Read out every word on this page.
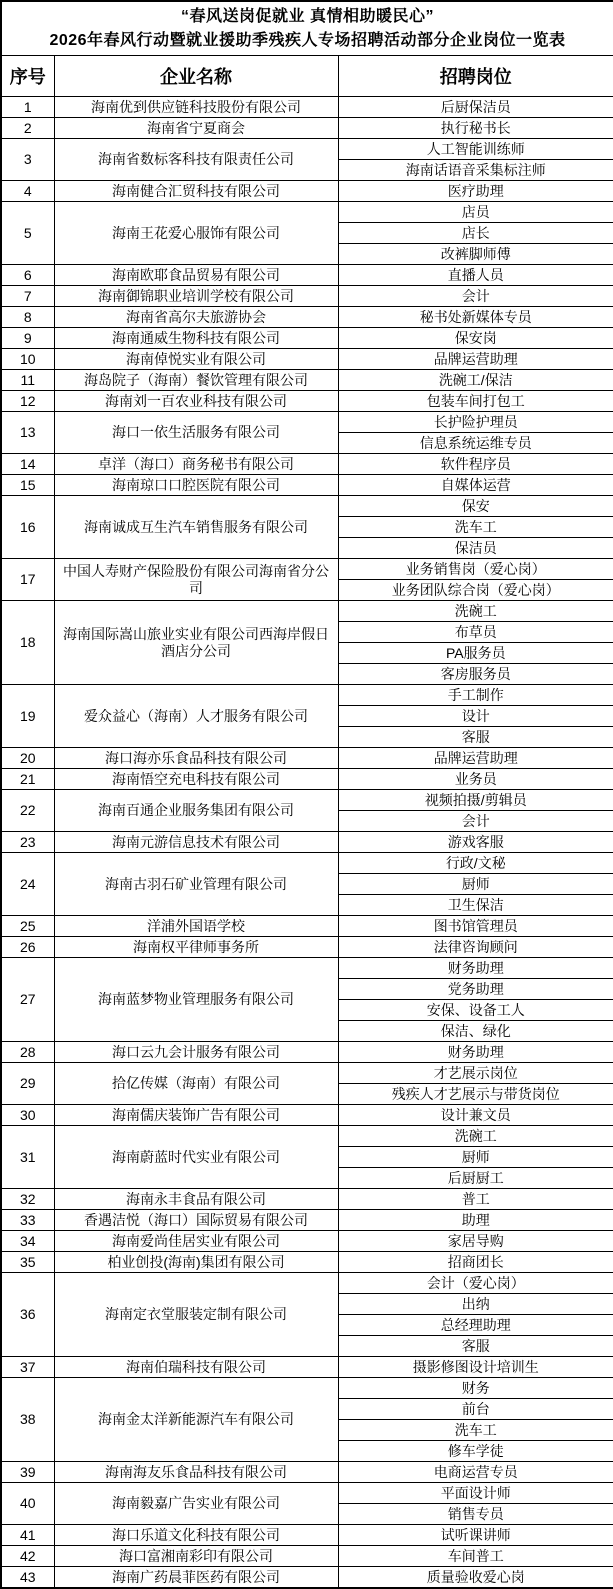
“春风送岗促就业 真情相助暖民心”
2026年春风行动暨就业援助季残疾人专场招聘活动部分企业岗位一览表		

序号	企业名称	招聘岗位
1	海南优到供应链科技股份有限公司	后厨保洁员
2	海南省宁夏商会	执行秘书长
3	海南省数标客科技有限责任公司	人工智能训练师
		海南话语音采集标注师
4	海南健合汇贸科技有限公司	医疗助理
5	海南王花爱心服饰有限公司	店员
		店长
		改裤脚师傅
6	海南欧耶食品贸易有限公司	直播人员
7	海南御锦职业培训学校有限公司	会计
8	海南省高尔夫旅游协会	秘书处新媒体专员
9	海南通威生物科技有限公司	保安岗
10	海南倬悦实业有限公司	品牌运营助理
11	海岛院子（海南）餐饮管理有限公司	洗碗工/保洁
12	海南刘一百农业科技有限公司	包装车间打包工
13	海口一依生活服务有限公司	长护险护理员
		信息系统运维专员
14	卓洋（海口）商务秘书有限公司	软件程序员
15	海南琼口口腔医院有限公司	自媒体运营
16	海南诚成互生汽车销售服务有限公司	保安
		洗车工
		保洁员
17	中国人寿财产保险股份有限公司海南省分公司	业务销售岗（爱心岗）
		业务团队综合岗（爱心岗）
18	海南国际嵩山旅业实业有限公司西海岸假日酒店分公司	洗碗工
		布草员
		PA服务员
		客房服务员
19	爱众益心（海南）人才服务有限公司	手工制作
		设计
		客服
20	海口海亦乐食品科技有限公司	品牌运营助理
21	海南悟空充电科技有限公司	业务员
22	海南百通企业服务集团有限公司	视频拍摄/剪辑员
		会计
23	海南元游信息技术有限公司	游戏客服
24	海南古羽石矿业管理有限公司	行政/文秘
		厨师
		卫生保洁
25	洋浦外国语学校	图书馆管理员
26	海南权平律师事务所	法律咨询顾问
27	海南蓝梦物业管理服务有限公司	财务助理
		党务助理
		安保、设备工人
		保洁、绿化
28	海口云九会计服务有限公司	财务助理
29	拾亿传媒（海南）有限公司	才艺展示岗位
		残疾人才艺展示与带货岗位
30	海南儒庆装饰广告有限公司	设计兼文员
31	海南蔚蓝时代实业有限公司	洗碗工
		厨师
		后厨厨工
32	海南永丰食品有限公司	普工
33	香遇洁悦（海口）国际贸易有限公司	助理
34	海南爱尚佳居实业有限公司	家居导购
35	柏业创投(海南)集团有限公司	招商团长
36	海南定衣堂服装定制有限公司	会计（爱心岗）
		出纳
		总经理助理
		客服
37	海南伯瑞科技有限公司	摄影修图设计培训生
38	海南金太洋新能源汽车有限公司	财务
		前台
		洗车工
		修车学徒
39	海南海友乐食品科技有限公司	电商运营专员
40	海南毅嘉广告实业有限公司	平面设计师
		销售专员
41	海口乐道文化科技有限公司	试听课讲师
42	海口富湘南彩印有限公司	车间普工
43	海南广药晨菲医药有限公司	质量验收爱心岗
